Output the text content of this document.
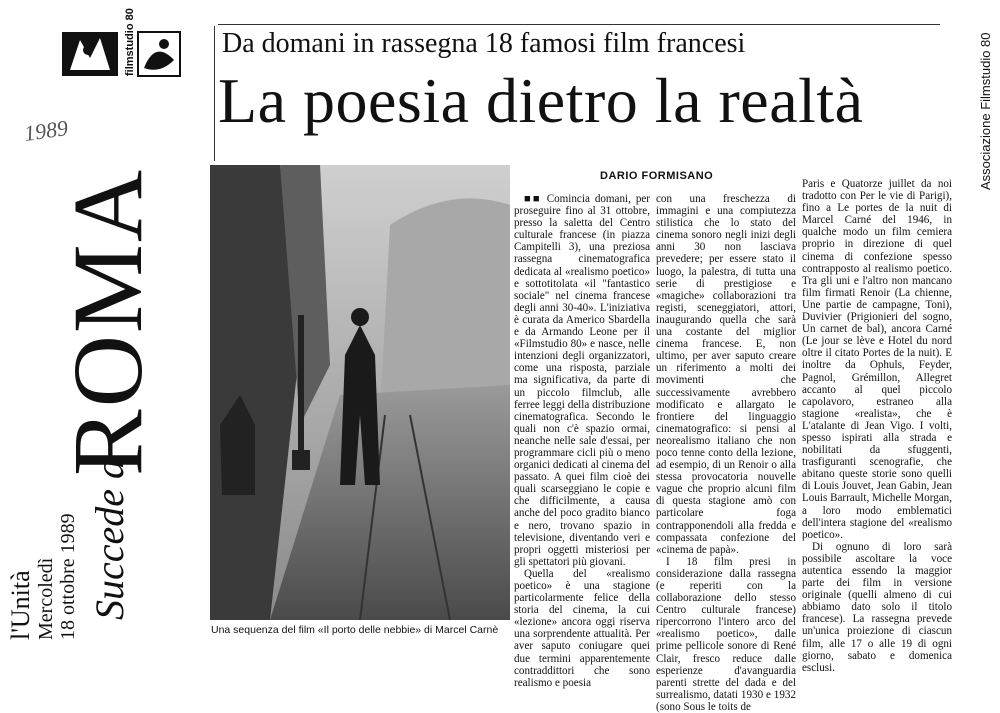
Associazione Filmstudio 80
filmstudio 80
1989
ROMA
Succede a
l'Unità Mercoledì 18 ottobre 1989
Da domani in rassegna 18 famosi film francesi
La poesia dietro la realtà
Una sequenza del film «Il porto delle nebbie» di Marcel Carnè
DARIO FORMISANO

■■ Comincia domani, per proseguire fino al 31 ottobre, presso la saletta del Centro culturale francese (in piazza Campitelli 3), una preziosa rassegna cinematografica dedicata al «realismo poetico» e sottotitolata «il "fantastico sociale" nel cinema francese degli anni 30-40». L'iniziativa è curata da Americo Sbardella e da Armando Leone per il «Filmstudio 80» e nasce, nelle intenzioni degli organizzatori, come una risposta, parziale ma significativa, da parte di un piccolo filmclub, alle ferree leggi della distribuzione cinematografica. Secondo le quali non c'è spazio ormai, neanche nelle sale d'essai, per programmare cicli più o meno organici dedicati al cinema del passato. A quei film cioè dei quali scarseggiano le copie e che difficilmente, a causa anche del poco gradito bianco e nero, trovano spazio in televisione, diventando veri e propri oggetti misteriosi per gli spettatori più giovani.

Quella del «realismo poetico» è una stagione particolarmente felice della storia del cinema, la cui «lezione» ancora oggi riserva una sorprendente attualità. Per aver saputo coniugare quei due termini apparentemente contraddittori che sono realismo e poesia

con una freschezza di immagini e una compiutezza stilistica che lo stato del cinema sonoro negli inizi degli anni 30 non lasciava prevedere; per essere stato il luogo, la palestra, di tutta una serie di prestigiose e «magiche» collaborazioni tra registi, sceneggiatori, attori, inaugurando quella che sarà una costante del miglior cinema francese. E, non ultimo, per aver saputo creare un riferimento a molti dei movimenti che successivamente avrebbero modificato e allargato le frontiere del linguaggio cinematografico: si pensi al neorealismo italiano che non poco tenne conto della lezione, ad esempio, di un Renoir o alla stessa provocatoria nouvelle vague che proprio alcuni film di questa stagione amò con particolare foga contrapponendoli alla fredda e compassata confezione del «cinema de papà».

I 18 film presi in considerazione dalla rassegna (e reperiti con la collaborazione dello stesso Centro culturale francese) ripercorrono l'intero arco del «realismo poetico», dalle prime pellicole sonore di René Clair, fresco reduce dalle esperienze d'avanguardia parenti strette del dada e del surrealismo, datati 1930 e 1932 (sono Sous le toits de

Paris e Quatorze juillet da noi tradotto con Per le vie di Parigi), fino a Le portes de la nuit di Marcel Carné del 1946, in qualche modo un film cemiera proprio in direzione di quel cinema di confezione spesso contrapposto al realismo poetico. Tra gli uni e l'altro non mancano film firmati Renoir (La chienne, Une partie de campagne, Toni), Duvivier (Prigionieri del sogno, Un carnet de bal), ancora Carné (Le jour se lève e Hotel du nord oltre il citato Portes de la nuit). E inoltre da Ophuls, Feyder, Pagnol, Grémillon, Allegret accanto al quel piccolo capolavoro, estraneo alla stagione «realista», che è L'atalante di Jean Vigo. I volti, spesso ispirati alla strada e nobilitati da sfuggenti, trasfiguranti scenografie, che abitano queste storie sono quelli di Louis Jouvet, Jean Gabin, Jean Louis Barrault, Michelle Morgan, a loro modo emblematici dell'intera stagione del «realismo poetico».

Di ognuno di loro sarà possibile ascoltare la voce autentica essendo la maggior parte dei film in versione originale (quelli almeno di cui abbiamo dato solo il titolo francese). La rassegna prevede un'unica proiezione di ciascun film, alle 17 o alle 19 di ogni giorno, sabato e domenica esclusi.
